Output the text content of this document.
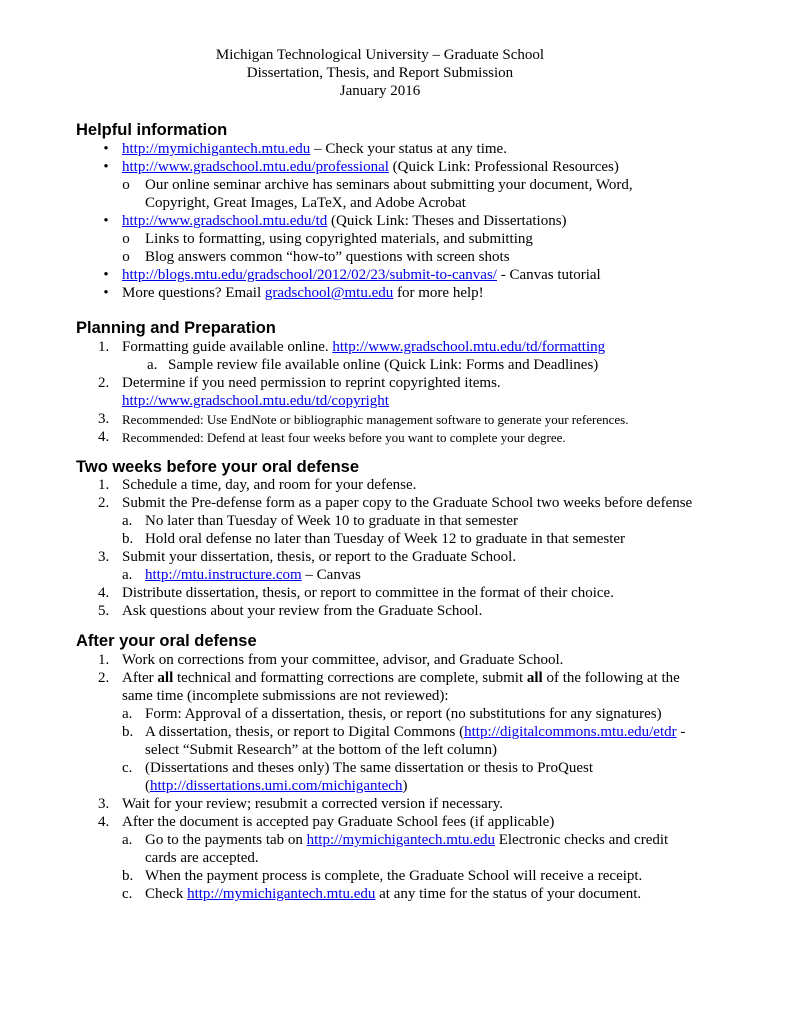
Michigan Technological University – Graduate School
Dissertation, Thesis, and Report Submission
January 2016
Helpful information
• http://mymichigantech.mtu.edu – Check your status at any time.
• http://www.gradschool.mtu.edu/professional (Quick Link: Professional Resources)
o Our online seminar archive has seminars about submitting your document, Word,
Copyright, Great Images, LaTeX, and Adobe Acrobat
• http://www.gradschool.mtu.edu/td (Quick Link: Theses and Dissertations)
o Links to formatting, using copyrighted materials, and submitting
o Blog answers common “how-to” questions with screen shots
• http://blogs.mtu.edu/gradschool/2012/02/23/submit-to-canvas/ - Canvas tutorial
• More questions? Email gradschool@mtu.edu for more help!
Planning and Preparation
1. Formatting guide available online. http://www.gradschool.mtu.edu/td/formatting
a. Sample review file available online (Quick Link: Forms and Deadlines)
2. Determine if you need permission to reprint copyrighted items.
http://www.gradschool.mtu.edu/td/copyright
3. Recommended: Use EndNote or bibliographic management software to generate your references.
4. Recommended: Defend at least four weeks before you want to complete your degree.
Two weeks before your oral defense
1. Schedule a time, day, and room for your defense.
2. Submit the Pre-defense form as a paper copy to the Graduate School two weeks before defense
a. No later than Tuesday of Week 10 to graduate in that semester
b. Hold oral defense no later than Tuesday of Week 12 to graduate in that semester
3. Submit your dissertation, thesis, or report to the Graduate School.
a. http://mtu.instructure.com – Canvas
4. Distribute dissertation, thesis, or report to committee in the format of their choice.
5. Ask questions about your review from the Graduate School.
After your oral defense
1. Work on corrections from your committee, advisor, and Graduate School.
2. After all technical and formatting corrections are complete, submit all of the following at the
same time (incomplete submissions are not reviewed):
a. Form: Approval of a dissertation, thesis, or report (no substitutions for any signatures)
b. A dissertation, thesis, or report to Digital Commons (http://digitalcommons.mtu.edu/etdr -
select “Submit Research” at the bottom of the left column)
c. (Dissertations and theses only) The same dissertation or thesis to ProQuest
(http://dissertations.umi.com/michigantech)
3. Wait for your review; resubmit a corrected version if necessary.
4. After the document is accepted pay Graduate School fees (if applicable)
a. Go to the payments tab on http://mymichigantech.mtu.edu Electronic checks and credit
cards are accepted.
b. When the payment process is complete, the Graduate School will receive a receipt.
c. Check http://mymichigantech.mtu.edu at any time for the status of your document.
